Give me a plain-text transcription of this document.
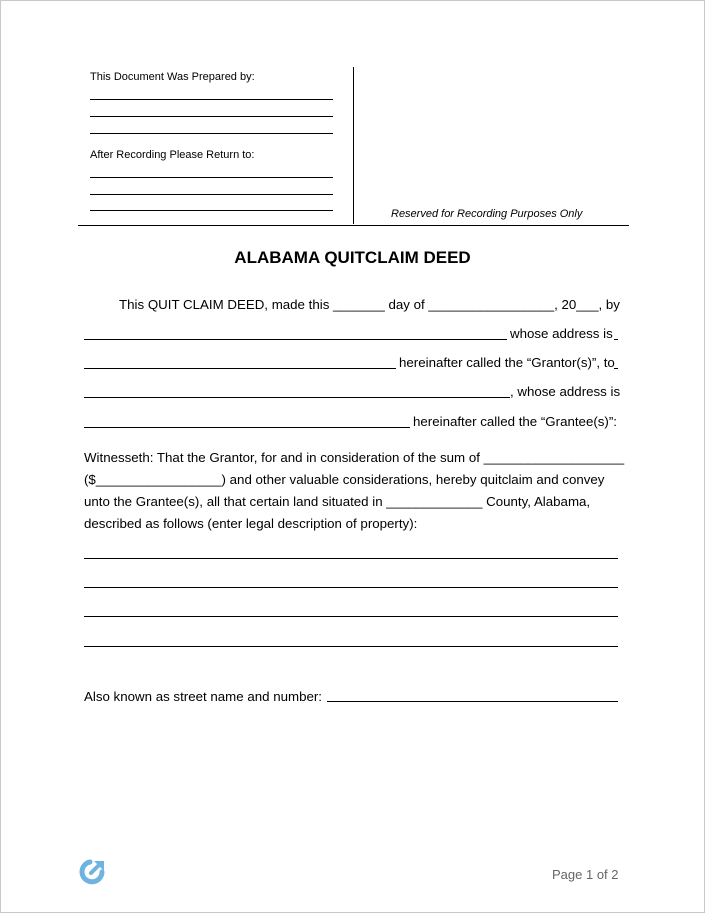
This Document Was Prepared by:
After Recording Please Return to:
Reserved for Recording Purposes Only
ALABAMA QUITCLAIM DEED
This QUIT CLAIM DEED, made this _______ day of _________________, 20___, by
whose address is
hereinafter called the “Grantor(s)”, to
, whose address is
hereinafter called the “Grantee(s)”:
Witnesseth: That the Grantor, for and in consideration of the sum of ___________________
($_________________) and other valuable considerations, hereby quitclaim and convey
unto the Grantee(s), all that certain land situated in _____________ County, Alabama,
described as follows (enter legal description of property):
Also known as street name and number:
Page 1 of 2
